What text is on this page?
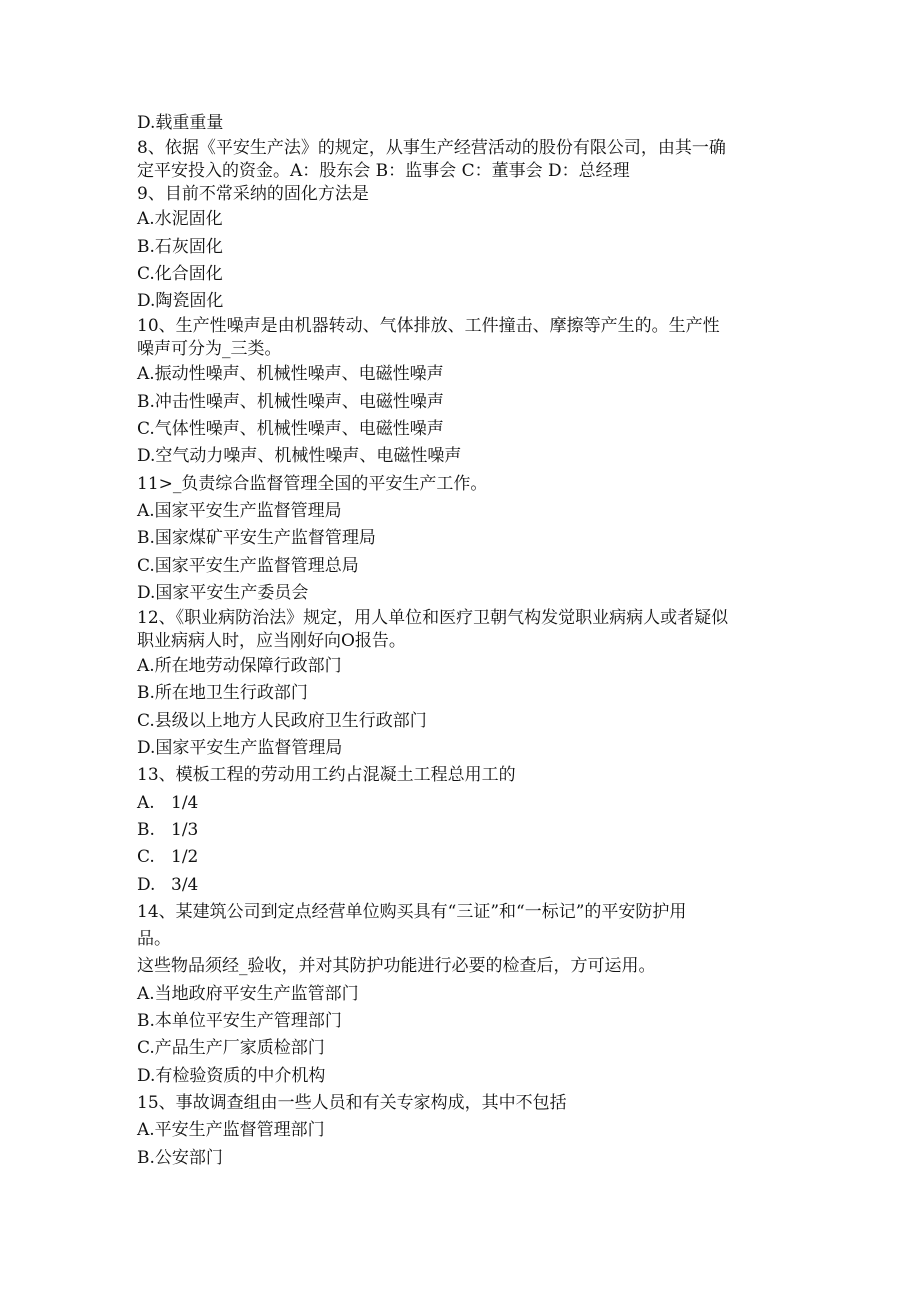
D.载重重量
8、依据《平安生产法》的规定，从事生产经营活动的股份有限公司，由其一确
定平安投入的资金。A：股东会 B：监事会 C：董事会 D：总经理
9、目前不常采纳的固化方法是
A.水泥固化
B.石灰固化
C.化合固化
D.陶瓷固化
10、生产性噪声是由机器转动、气体排放、工件撞击、摩擦等产生的。生产性
噪声可分为_三类。
A.振动性噪声、机械性噪声、电磁性噪声
B.冲击性噪声、机械性噪声、电磁性噪声
C.气体性噪声、机械性噪声、电磁性噪声
D.空气动力噪声、机械性噪声、电磁性噪声
11>_负责综合监督管理全国的平安生产工作。
A.国家平安生产监督管理局
B.国家煤矿平安生产监督管理局
C.国家平安生产监督管理总局
D.国家平安生产委员会
12、《职业病防治法》规定，用人单位和医疗卫朝气构发觉职业病病人或者疑似
职业病病人时，应当刚好向O报告。
A.所在地劳动保障行政部门
B.所在地卫生行政部门
C.县级以上地方人民政府卫生行政部门
D.国家平安生产监督管理局
13、模板工程的劳动用工约占混凝土工程总用工的
A. 1/4
B. 1/3
C. 1/2
D. 3/4
14、某建筑公司到定点经营单位购买具有“三证”和“一标记”的平安防护用
品。
这些物品须经_验收，并对其防护功能进行必要的检查后，方可运用。
A.当地政府平安生产监管部门
B.本单位平安生产管理部门
C.产品生产厂家质检部门
D.有检验资质的中介机构
15、事故调查组由一些人员和有关专家构成，其中不包括
A.平安生产监督管理部门
B.公安部门
